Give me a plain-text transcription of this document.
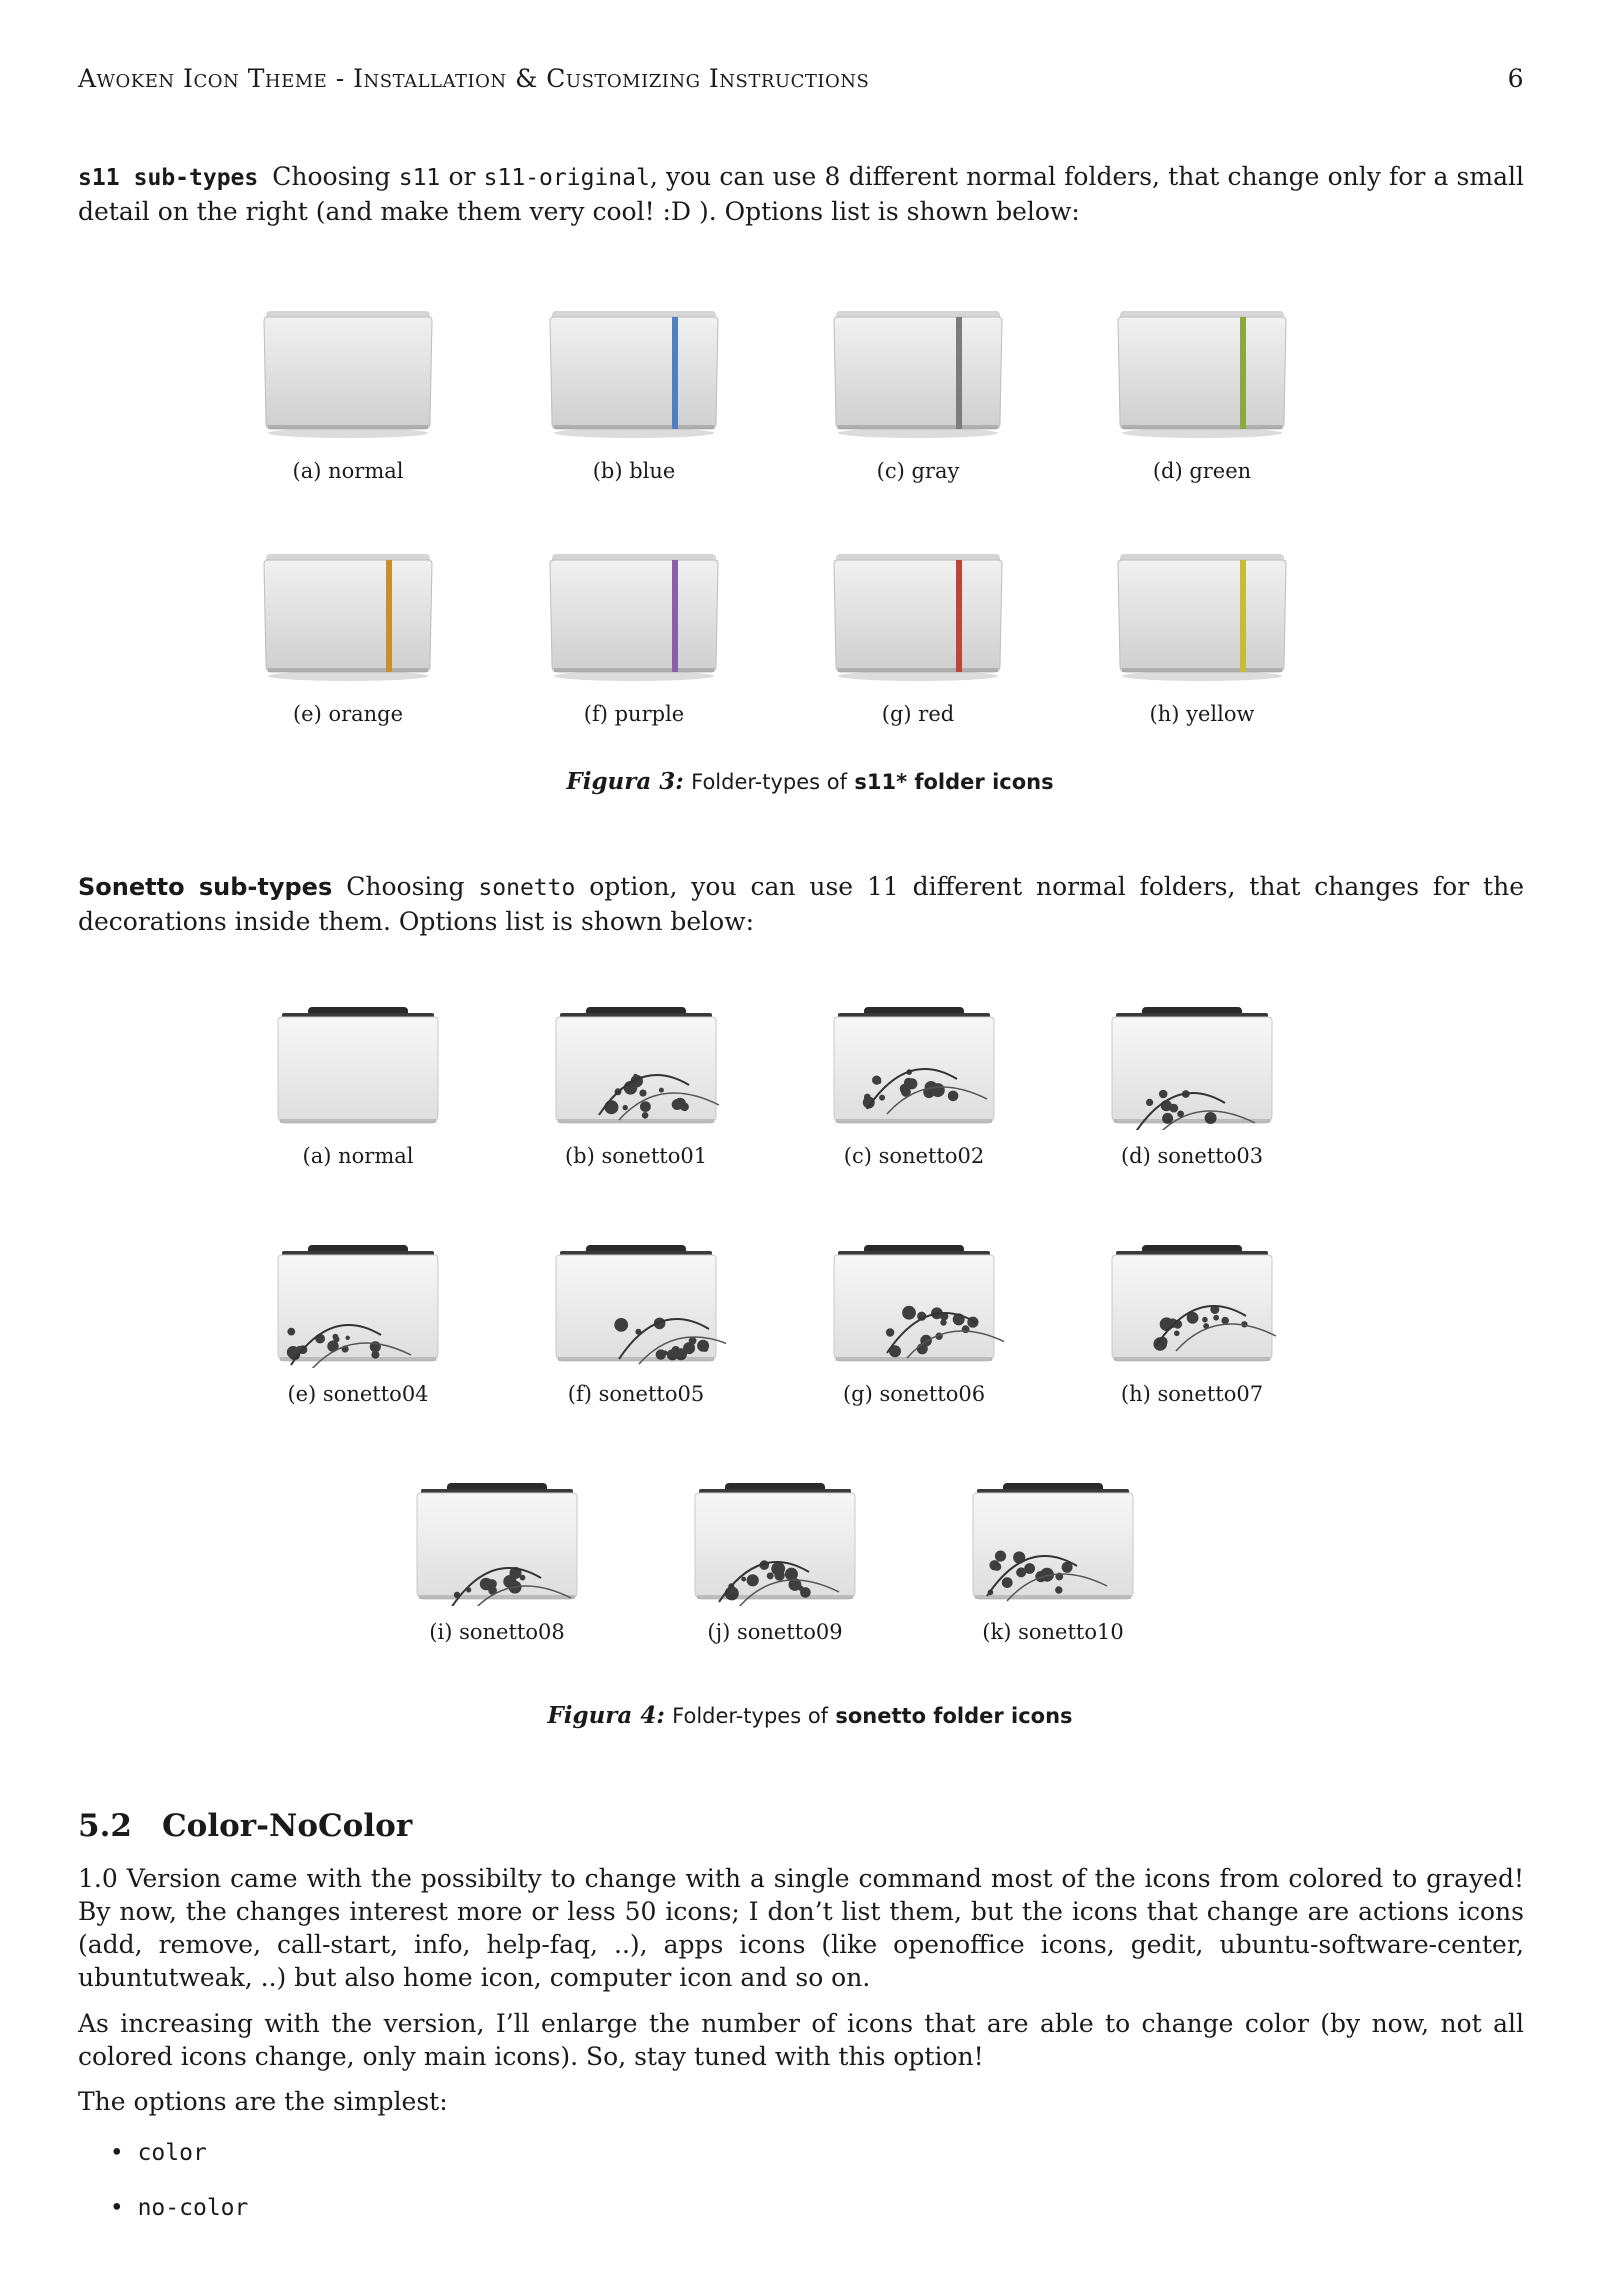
Awoken Icon Theme - Installation & Customizing Instructions	6
s11 sub-types Choosing s11 or s11-original, you can use 8 different normal folders, that change only for a small detail on the right (and make them very cool! :D ). Options list is shown below:
(a) normal	(b) blue	(c) gray	(d) green
(e) orange	(f) purple	(g) red	(h) yellow
Figura 3: Folder-types of s11* folder icons
Sonetto sub-types Choosing sonetto option, you can use 11 different normal folders, that changes for the decorations inside them. Options list is shown below:
(a) normal	(b) sonetto01	(c) sonetto02	(d) sonetto03
(e) sonetto04	(f) sonetto05	(g) sonetto06	(h) sonetto07
(i) sonetto08	(j) sonetto09	(k) sonetto10
Figura 4: Folder-types of sonetto folder icons
5.2 Color-NoColor
1.0 Version came with the possibilty to change with a single command most of the icons from colored to grayed! By now, the changes interest more or less 50 icons; I don’t list them, but the icons that change are actions icons (add, remove, call-start, info, help-faq, ..), apps icons (like openoffice icons, gedit, ubuntu-software-center, ubuntutweak, ..) but also home icon, computer icon and so on.
As increasing with the version, I’ll enlarge the number of icons that are able to change color (by now, not all colored icons change, only main icons). So, stay tuned with this option!
The options are the simplest:
• color
• no-color
